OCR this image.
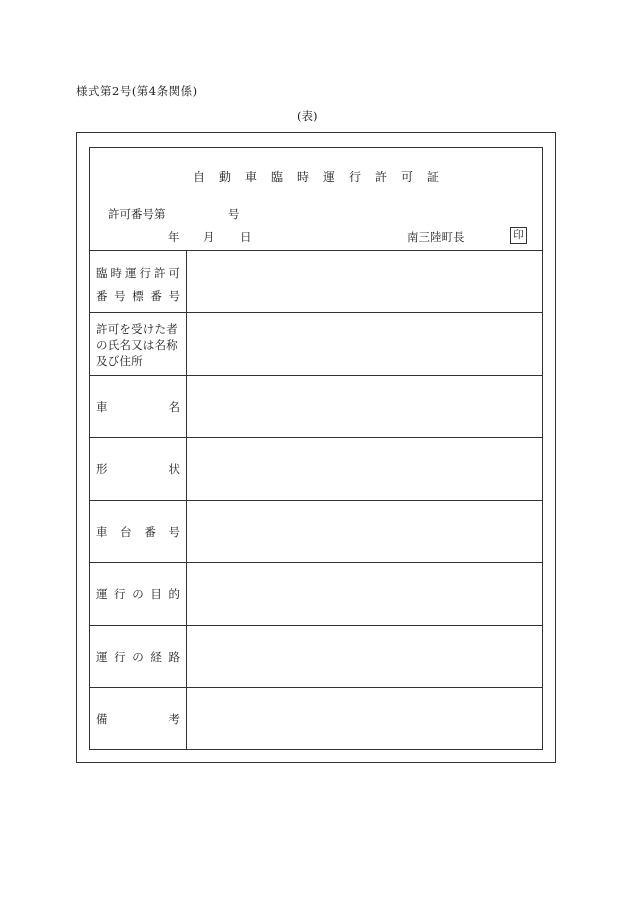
様式第2号(第4条関係)
(表)
自動車臨時運行許可証
許可番号第	号
年 月 日	南三陸町長	印
臨時運行許可
番号標番号
許可を受けた者
の氏名又は名称
及び住所
車名
形状
車台番号
運行の目的
運行の経路
備考
